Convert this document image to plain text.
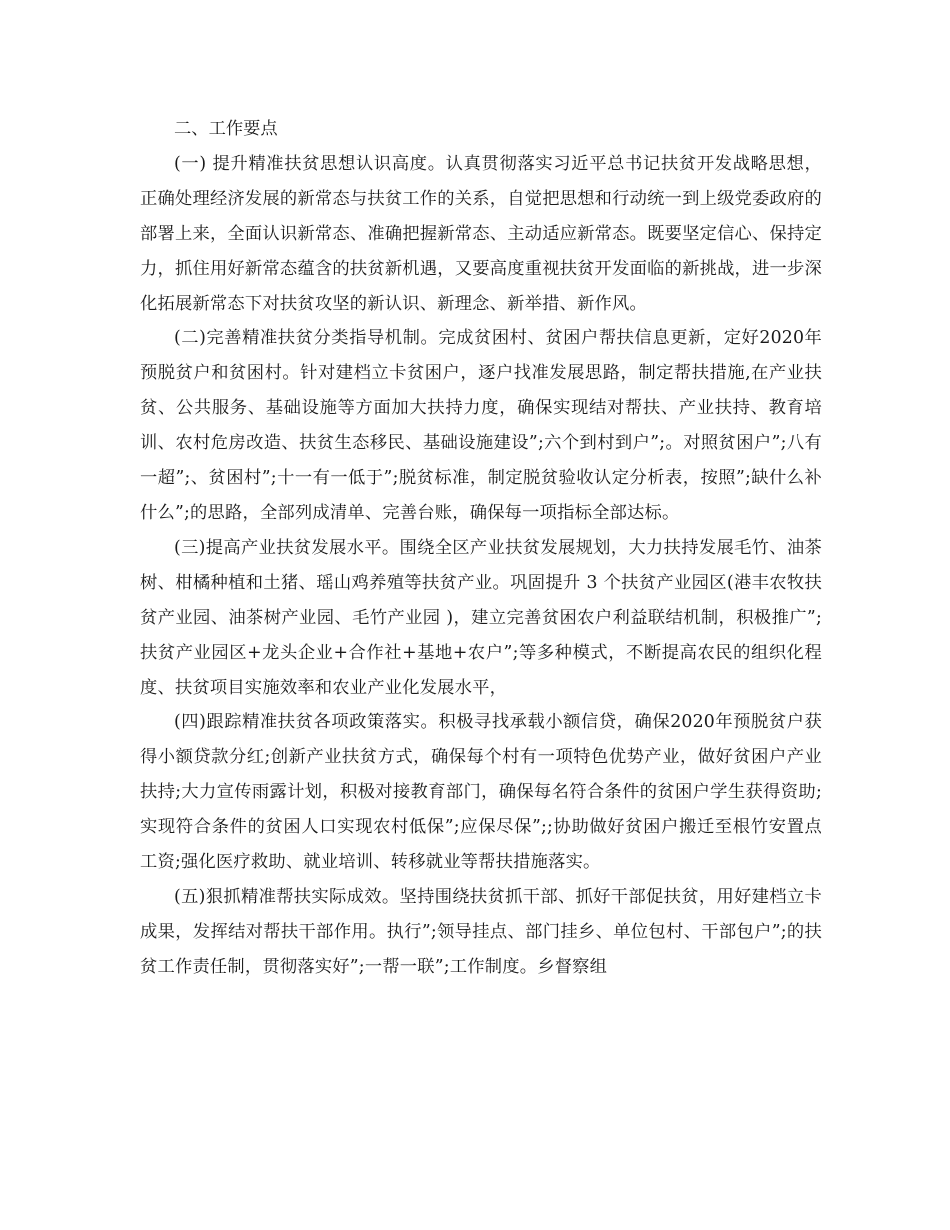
二、工作要点

(一) 提升精准扶贫思想认识高度。认真贯彻落实习近平总书记扶贫开发战略思想，正确处理经济发展的新常态与扶贫工作的关系，自觉把思想和行动统一到上级党委政府的部署上来，全面认识新常态、准确把握新常态、主动适应新常态。既要坚定信心、保持定力，抓住用好新常态蕴含的扶贫新机遇，又要高度重视扶贫开发面临的新挑战，进一步深化拓展新常态下对扶贫攻坚的新认识、新理念、新举措、新作风。

(二)完善精准扶贫分类指导机制。完成贫困村、贫困户帮扶信息更新，定好2020年预脱贫户和贫困村。针对建档立卡贫困户，逐户找准发展思路，制定帮扶措施,在产业扶贫、公共服务、基础设施等方面加大扶持力度，确保实现结对帮扶、产业扶持、教育培训、农村危房改造、扶贫生态移民、基础设施建设”;六个到村到户”;。对照贫困户”;八有一超”;、贫困村”;十一有一低于”;脱贫标准，制定脱贫验收认定分析表，按照”;缺什么补什么”;的思路，全部列成清单、完善台账，确保每一项指标全部达标。

(三)提高产业扶贫发展水平。围绕全区产业扶贫发展规划，大力扶持发展毛竹、油茶树、柑橘种植和土猪、瑶山鸡养殖等扶贫产业。巩固提升 3 个扶贫产业园区(港丰农牧扶贫产业园、油茶树产业园、毛竹产业园 )，建立完善贫困农户利益联结机制，积极推广”;扶贫产业园区+龙头企业+合作社+基地+农户”;等多种模式，不断提高农民的组织化程度、扶贫项目实施效率和农业产业化发展水平，

(四)跟踪精准扶贫各项政策落实。积极寻找承载小额信贷，确保2020年预脱贫户获得小额贷款分红;创新产业扶贫方式，确保每个村有一项特色优势产业，做好贫困户产业扶持;大力宣传雨露计划，积极对接教育部门，确保每名符合条件的贫困户学生获得资助;实现符合条件的贫困人口实现农村低保”;应保尽保”;;协助做好贫困户搬迁至根竹安置点工资;强化医疗救助、就业培训、转移就业等帮扶措施落实。

(五)狠抓精准帮扶实际成效。坚持围绕扶贫抓干部、抓好干部促扶贫，用好建档立卡成果，发挥结对帮扶干部作用。执行”;领导挂点、部门挂乡、单位包村、干部包户”;的扶贫工作责任制，贯彻落实好”;一帮一联”;工作制度。乡督察组
